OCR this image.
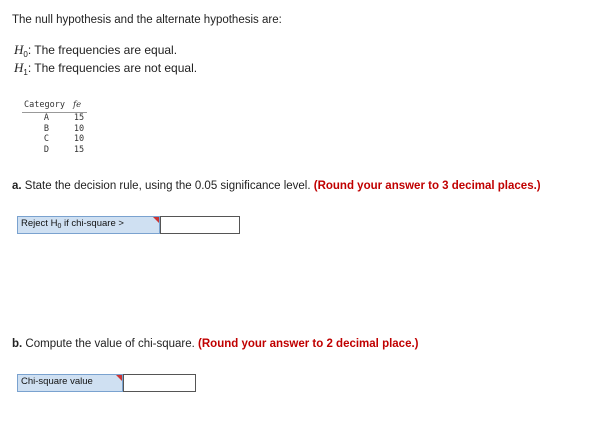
The null hypothesis and the alternate hypothesis are:
$H_0$: The frequencies are equal.
$H_1$: The frequencies are not equal.
Category	fe

A	15
B	10
C	10
D	15
a. State the decision rule, using the 0.05 significance level. (Round your answer to 3 decimal places.)
Reject $H_0$ if chi-square >
b. Compute the value of chi-square. (Round your answer to 2 decimal place.)
Chi-square value
